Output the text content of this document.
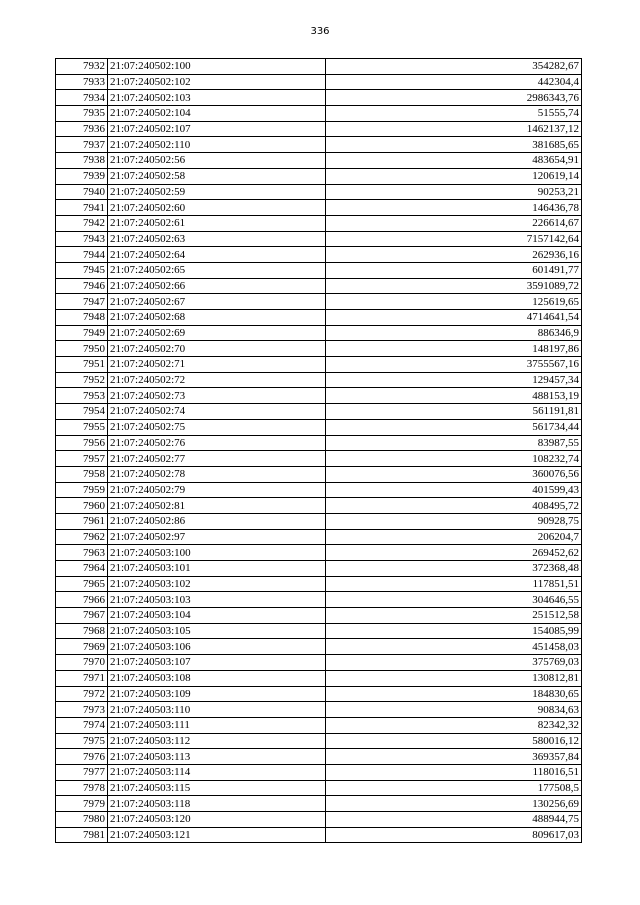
336
7932	21:07:240502:100	354282,67
7933	21:07:240502:102	442304,4
7934	21:07:240502:103	2986343,76
7935	21:07:240502:104	51555,74
7936	21:07:240502:107	1462137,12
7937	21:07:240502:110	381685,65
7938	21:07:240502:56	483654,91
7939	21:07:240502:58	120619,14
7940	21:07:240502:59	90253,21
7941	21:07:240502:60	146436,78
7942	21:07:240502:61	226614,67
7943	21:07:240502:63	7157142,64
7944	21:07:240502:64	262936,16
7945	21:07:240502:65	601491,77
7946	21:07:240502:66	3591089,72
7947	21:07:240502:67	125619,65
7948	21:07:240502:68	4714641,54
7949	21:07:240502:69	886346,9
7950	21:07:240502:70	148197,86
7951	21:07:240502:71	3755567,16
7952	21:07:240502:72	129457,34
7953	21:07:240502:73	488153,19
7954	21:07:240502:74	561191,81
7955	21:07:240502:75	561734,44
7956	21:07:240502:76	83987,55
7957	21:07:240502:77	108232,74
7958	21:07:240502:78	360076,56
7959	21:07:240502:79	401599,43
7960	21:07:240502:81	408495,72
7961	21:07:240502:86	90928,75
7962	21:07:240502:97	206204,7
7963	21:07:240503:100	269452,62
7964	21:07:240503:101	372368,48
7965	21:07:240503:102	117851,51
7966	21:07:240503:103	304646,55
7967	21:07:240503:104	251512,58
7968	21:07:240503:105	154085,99
7969	21:07:240503:106	451458,03
7970	21:07:240503:107	375769,03
7971	21:07:240503:108	130812,81
7972	21:07:240503:109	184830,65
7973	21:07:240503:110	90834,63
7974	21:07:240503:111	82342,32
7975	21:07:240503:112	580016,12
7976	21:07:240503:113	369357,84
7977	21:07:240503:114	118016,51
7978	21:07:240503:115	177508,5
7979	21:07:240503:118	130256,69
7980	21:07:240503:120	488944,75
7981	21:07:240503:121	809617,03
